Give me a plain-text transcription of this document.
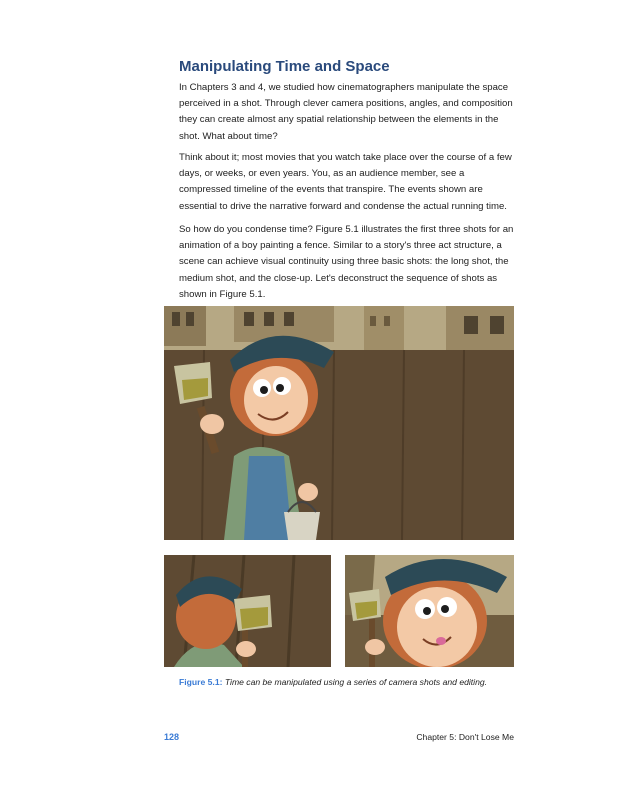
Manipulating Time and Space

In Chapters 3 and 4, we studied how cinematographers manipulate the space perceived in a shot. Through clever camera positions, angles, and composition they can create almost any spatial relationship between the elements in the shot. What about time?

Think about it; most movies that you watch take place over the course of a few days, or weeks, or even years. You, as an audience member, see a compressed timeline of the events that transpire. The events shown are essential to drive the narrative forward and condense the actual running time.

So how do you condense time? Figure 5.1 illustrates the first three shots for an animation of a boy painting a fence. Similar to a story's three act structure, a scene can achieve visual continuity using three basic shots: the long shot, the medium shot, and the close-up. Let's deconstruct the sequence of shots as shown in Figure 5.1.

Figure 5.1: Time can be manipulated using a series of camera shots and editing.

128	Chapter 5: Don't Lose Me
